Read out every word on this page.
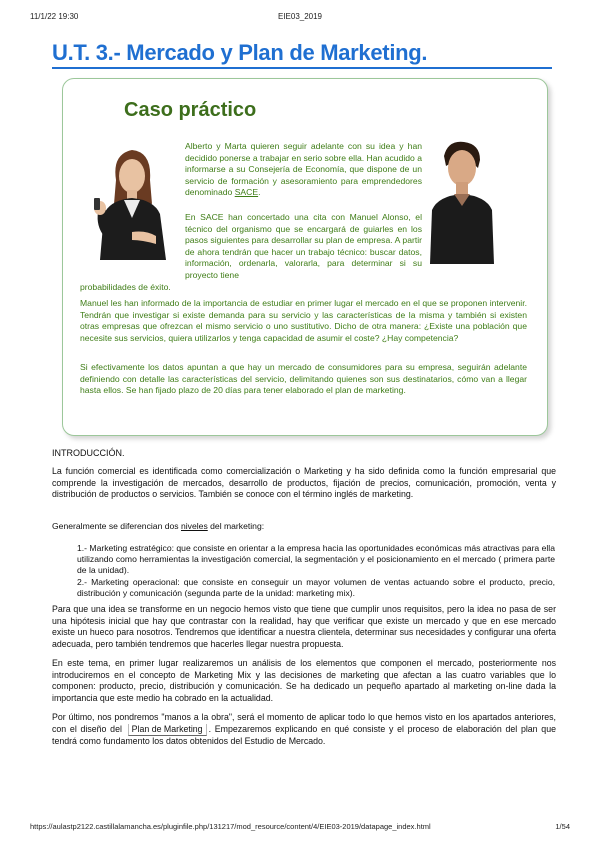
11/1/22 19:30	EIE03_2019
U.T. 3.- Mercado y Plan de Marketing.
Caso práctico
Alberto y Marta quieren seguir adelante con su idea y han decidido ponerse a trabajar en serio sobre ella. Han acudido a informarse a su Consejería de Economía, que dispone de un servicio de formación y asesoramiento para emprendedores denominado SACE.
En SACE han concertado una cita con Manuel Alonso, el técnico del organismo que se encargará de guiarles en los pasos siguientes para desarrollar su plan de empresa. A partir de ahora tendrán que hacer un trabajo técnico: buscar datos, información, ordenarla, valorarla, para determinar si su proyecto tiene
probabilidades de éxito.
Manuel les han informado de la importancia de estudiar en primer lugar el mercado en el que se proponen intervenir. Tendrán que investigar si existe demanda para su servicio y las características de la misma y también si existen otras empresas que ofrezcan el mismo servicio o uno sustitutivo. Dicho de otra manera: ¿Existe una población que necesite sus servicios, quiera utilizarlos y tenga capacidad de asumir el coste? ¿Hay competencia?
Si efectivamente los datos apuntan a que hay un mercado de consumidores para su empresa, seguirán adelante definiendo con detalle las características del servicio, delimitando quienes son sus destinatarios, cómo van a llegar hasta ellos. Se han fijado plazo de 20 días para tener elaborado el plan de marketing.
INTRODUCCIÓN.
La función comercial es identificada como comercialización o Marketing y ha sido definida como la función empresarial que comprende la investigación de mercados, desarrollo de productos, fijación de precios, comunicación, promoción, venta y distribución de productos o servicios. También se conoce con el término inglés de marketing.
Generalmente se diferencian dos niveles del marketing:
1.- Marketing estratégico: que consiste en orientar a la empresa hacia las oportunidades económicas más atractivas para ella utilizando como herramientas la investigación comercial, la segmentación y el posicionamiento en el mercado ( primera parte de la unidad).
2.- Marketing operacional: que consiste en conseguir un mayor volumen de ventas actuando sobre el producto, precio, distribución y comunicación (segunda parte de la unidad: marketing mix).
Para que una idea se transforme en un negocio hemos visto que tiene que cumplir unos requisitos, pero la idea no pasa de ser una hipótesis inicial que hay que contrastar con la realidad, hay que verificar que existe un mercado y que en ese mercado existe un hueco para nosotros. Tendremos que identificar a nuestra clientela, determinar sus necesidades y configurar una oferta adecuada, pero también tendremos que hacerles llegar nuestra propuesta.
En este tema, en primer lugar realizaremos un análisis de los elementos que componen el mercado, posteriormente nos introduciremos en el concepto de Marketing Mix y las decisiones de marketing que afectan a las cuatro variables que lo componen: producto, precio, distribución y comunicación. Se ha dedicado un pequeño apartado al marketing on-line dada la importancia que este medio ha cobrado en la actualidad.
Por último, nos pondremos "manos a la obra", será el momento de aplicar todo lo que hemos visto en los apartados anteriores, con el diseño del Plan de Marketing . Empezaremos explicando en qué consiste y el proceso de elaboración del plan que tendrá como fundamento los datos obtenidos del Estudio de Mercado.
https://aulastp2122.castillalamancha.es/pluginfile.php/131217/mod_resource/content/4/EIE03-2019/datapage_index.html	1/54
